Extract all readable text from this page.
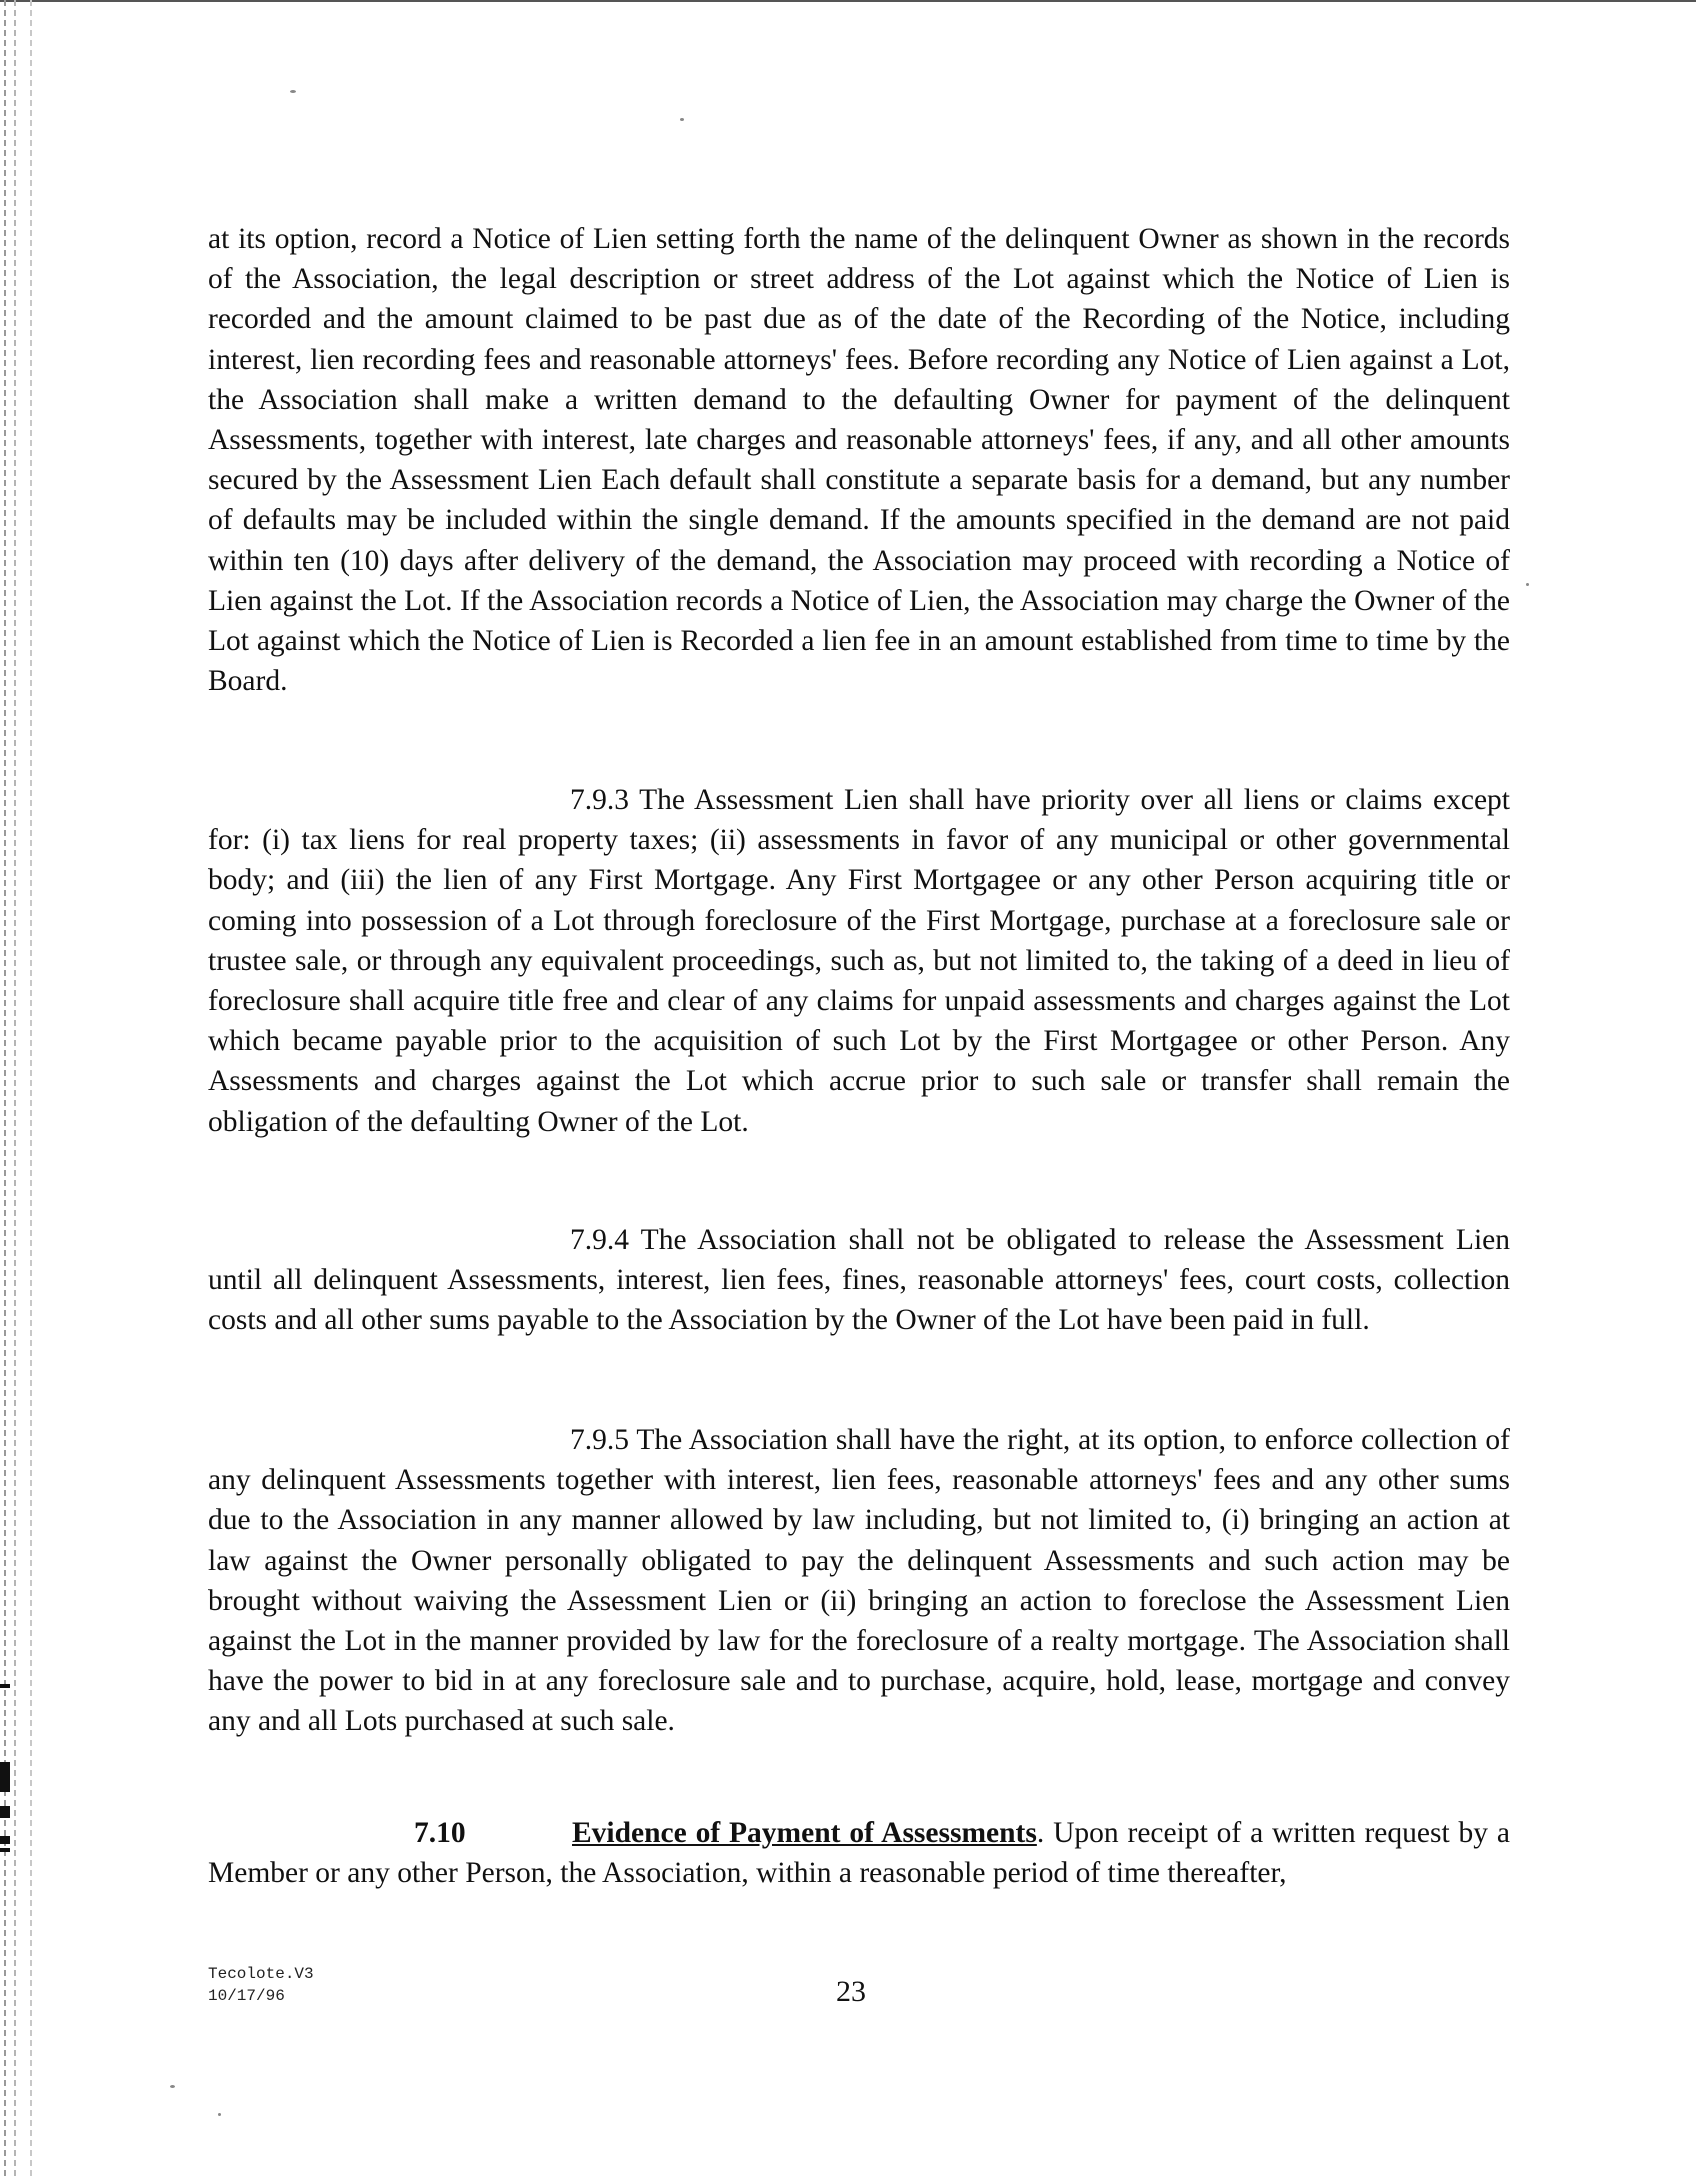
at its option, record a Notice of Lien setting forth the name of the delinquent Owner as shown in the records of the Association, the legal description or street address of the Lot against which the Notice of Lien is recorded and the amount claimed to be past due as of the date of the Recording of the Notice, including interest, lien recording fees and reasonable attorneys' fees. Before recording any Notice of Lien against a Lot, the Association shall make a written demand to the defaulting Owner for payment of the delinquent Assessments, together with interest, late charges and reasonable attorneys' fees, if any, and all other amounts secured by the Assessment Lien Each default shall constitute a separate basis for a demand, but any number of defaults may be included within the single demand. If the amounts specified in the demand are not paid within ten (10) days after delivery of the demand, the Association may proceed with recording a Notice of Lien against the Lot. If the Association records a Notice of Lien, the Association may charge the Owner of the Lot against which the Notice of Lien is Recorded a lien fee in an amount established from time to time by the Board.

7.9.3 The Assessment Lien shall have priority over all liens or claims except for: (i) tax liens for real property taxes; (ii) assessments in favor of any municipal or other governmental body; and (iii) the lien of any First Mortgage. Any First Mortgagee or any other Person acquiring title or coming into possession of a Lot through foreclosure of the First Mortgage, purchase at a foreclosure sale or trustee sale, or through any equivalent proceedings, such as, but not limited to, the taking of a deed in lieu of foreclosure shall acquire title free and clear of any claims for unpaid assessments and charges against the Lot which became payable prior to the acquisition of such Lot by the First Mortgagee or other Person. Any Assessments and charges against the Lot which accrue prior to such sale or transfer shall remain the obligation of the defaulting Owner of the Lot.

7.9.4 The Association shall not be obligated to release the Assessment Lien until all delinquent Assessments, interest, lien fees, fines, reasonable attorneys' fees, court costs, collection costs and all other sums payable to the Association by the Owner of the Lot have been paid in full.

7.9.5 The Association shall have the right, at its option, to enforce collection of any delinquent Assessments together with interest, lien fees, reasonable attorneys' fees and any other sums due to the Association in any manner allowed by law including, but not limited to, (i) bringing an action at law against the Owner personally obligated to pay the delinquent Assessments and such action may be brought without waiving the Assessment Lien or (ii) bringing an action to foreclose the Assessment Lien against the Lot in the manner provided by law for the foreclosure of a realty mortgage. The Association shall have the power to bid in at any foreclosure sale and to purchase, acquire, hold, lease, mortgage and convey any and all Lots purchased at such sale.

7.10	Evidence of Payment of Assessments. Upon receipt of a written request by a Member or any other Person, the Association, within a reasonable period of time thereafter,

Tecolote.V3
10/17/96	23
